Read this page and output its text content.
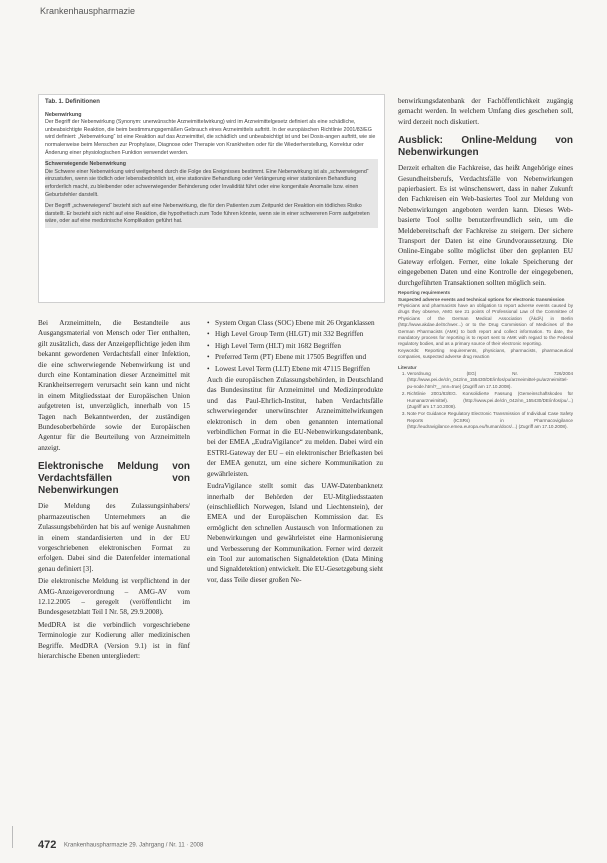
Krankenhauspharmazie
Tab. 1. Definitionen
Nebenwirkung
Der Begriff der Nebenwirkung (Synonym: unerwünschte Arzneimittelwirkung) wird im Arzneimittelgesetz definiert als eine schädliche, unbeabsichtigte Reaktion, die beim bestimmungsgemäßen Gebrauch eines Arzneimittels auftritt. In der europäischen Richtlinie 2001/83/EG wird definiert: „Nebenwirkung“ ist eine Reaktion auf das Arzneimittel, die schädlich und unbeabsichtigt ist und bei Dosis-angen auftritt, wie sie normalerweise beim Menschen zur Prophylaxe, Diagnose oder Therapie von Krankheiten oder für die Wiederherstellung, Korrektur oder Änderung einer physiologischen Funktion verwendet werden.
Schwerwiegende Nebenwirkung
Die Schwere einer Nebenwirkung wird weitgehend durch die Folge des Ereignisses bestimmt. Eine Nebenwirkung ist als „schwerwiegend“ einzustufen, wenn sie tödlich oder lebensbedrohlich ist, eine stationäre Behandlung oder Verlängerung einer stationären Behandlung erforderlich macht, zu bleibender oder schwerwiegender Behinderung oder Invalidität führt oder eine kongenitale Anomalie bzw. einen Geburtsfehler darstellt.
Der Begriff „schwerwiegend“ bezieht sich auf eine Nebenwirkung, die für den Patienten zum Zeitpunkt der Reaktion ein tödliches Risiko darstellt. Er bezieht sich nicht auf eine Reaktion, die hypothetisch zum Tode führen könnte, wenn sie in einer schwereren Form aufgetreten wäre, oder auf eine medizinische Komplikation geführt hat.

Bei Arzneimitteln, die Bestandteile aus Ausgangsmaterial von Mensch oder Tier enthalten, gilt zusätzlich, dass der Anzeigepflichtige jeden ihm bekannt gewordenen Verdachtsfall einer Infektion, die eine schwerwiegende Nebenwirkung ist und durch eine Kontamination dieser Arzneimittel mit Krankheitserregern verursacht sein kann und nicht in einem Mitgliedsstaat der Europäischen Union aufgetreten ist, unverzüglich, innerhalb von 15 Tagen nach Bekanntwerden, der zuständigen Bundesoberbehörde sowie der Europäischen Agentur für die Beurteilung von Arzneimitteln anzeigt.

Elektronische Meldung von Verdachtsfällen von Nebenwirkungen

Die Meldung des Zulassungsinhabers/ pharmazeutischen Unternehmers an die Zulassungsbehörden hat bis auf wenige Ausnahmen in einem standardisierten und in der EU vorgeschriebenen elektronischen Format zu erfolgen. Dabei sind die Datenfelder international genau definiert [3].

Die elektronische Meldung ist verpflichtend in der AMG-Anzeigeverordnung – AMG-AV vom 12.12.2005 – geregelt (veröffentlicht im Bundesgesetzblatt Teil I Nr. 58, 29.9.2008).

MedDRA ist die verbindlich vorgeschriebene Terminologie zur Kodierung aller medizinischen Begriffe. MedDRA (Version 9.1) ist in fünf hierarchische Ebenen untergliedert:

• System Organ Class (SOC) Ebene mit 26 Organklassen
• High Level Group Term (HLGT) mit 332 Begriffen
• High Level Term (HLT) mit 1682 Begriffen
• Preferred Term (PT) Ebene mit 17505 Begriffen und
• Lowest Level Term (LLT) Ebene mit 47115 Begriffen

Auch die europäischen Zulassungsbehörden, in Deutschland das Bundesinstitut für Arzneimittel und Medizinprodukte und das Paul-Ehrlich-Institut, haben Verdachtsfälle schwerwiegender unerwünschter Arzneimittelwirkungen elektronisch in dem oben genannten international verbindlichen Format in die EU-Nebenwirkungsdatenbank, bei der EMEA „EudraVigilance“ zu melden. Dabei wird ein ESTRI-Gateway der EU – ein elektronischer Briefkasten bei der EMEA genutzt, um eine sichere Kommunikation zu gewährleisten.

EudraVigilance stellt somit das UAW-Datenbanknetz innerhalb der Behörden der EU-Mitgliedsstaaten (einschließlich Norwegen, Island und Liechtenstein), der EMEA und der Europäischen Kommission dar. Es ermöglicht den schnellen Austausch von Informationen zu Nebenwirkungen und gewährleistet eine Harmonisierung und Verbesserung der Kommunikation. Ferner wird derzeit ein Tool zur automatischen Signaldetektion (Data Mining und Signaldetektion) entwickelt. Die EU-Gesetzgebung sieht vor, dass Teile dieser großen Ne-

benwirkungsdatenbank der Fachöffentlichkeit zugängig gemacht werden. In welchem Umfang dies geschehen soll, wird derzeit noch diskutiert.

Ausblick: Online-Meldung von Nebenwirkungen

Derzeit erhalten die Fachkreise, das heißt Angehörige eines Gesundheitsberufs, Verdachtsfälle von Nebenwirkungen papierbasiert. Es ist wünschenswert, dass in naher Zukunft den Fachkreisen ein Web-basiertes Tool zur Meldung von Nebenwirkungen angeboten werden kann. Dieses Web-basierte Tool sollte benutzerfreundlich sein, um die Meldebereitschaft der Fachkreise zu steigern. Der sichere Transport der Daten ist eine Grundvoraussetzung. Die Online-Eingabe sollte möglichst über den geplanten EU Gateway erfolgen. Ferner, eine lokale Speicherung der eingegebenen Daten und eine Kontrolle der eingegebenen, durchgeführten Transaktionen sollten möglich sein.

Reporting requirements
Suspected adverse events and technical options for electronic transmission
Physicians and pharmacists have an obligation to report adverse events caused by drugs they observe, AMG see 21 points of Professional Law of the Committee of Physicians of the German Medical Association (ÄkdÄ) in Berlin (http://www.akdae.de/Schwer...) or to the Drug Commission of Medicines of the German Pharmacists (AMK) to both report and collect information. To date, the mandatory process for reporting is to report sent to AMK with regard to the Federal regulatory bodies, and as a primary source of their electronic reporting.
Keywords: Reporting requirements, physicians, pharmacists, pharmaceutical companies, suspected adverse drug reaction
Literatur
1. Verordnung (EG) Nr. 726/2004 (http://www.pei.de/cln_042/nn_155430/DE/infos/pu/arzneimittel-pu/arzneimittel-pu-node.html?__nnn=true) (Zugriff am 17.10.2008).
2. Richtlinie 2001/83/EG. Konsolidierte Fassung (Gemeinschaftskodex für Humanarzneimittel). (http://www.pei.de/cln_042/nn_155430/DE/infos/pu/...) (Zugriff am 17.10.2008).
3. Note For Guidance Regulatory Electronic Transmission of Individual Case Safety Reports (ICSRs) in Pharmacovigilance (http://eudravigilance.emea.europa.eu/human/docs/...) (Zugriff am 17.10.2008).
472 Krankenhauspharmazie 29. Jahrgang / Nr. 11 · 2008
